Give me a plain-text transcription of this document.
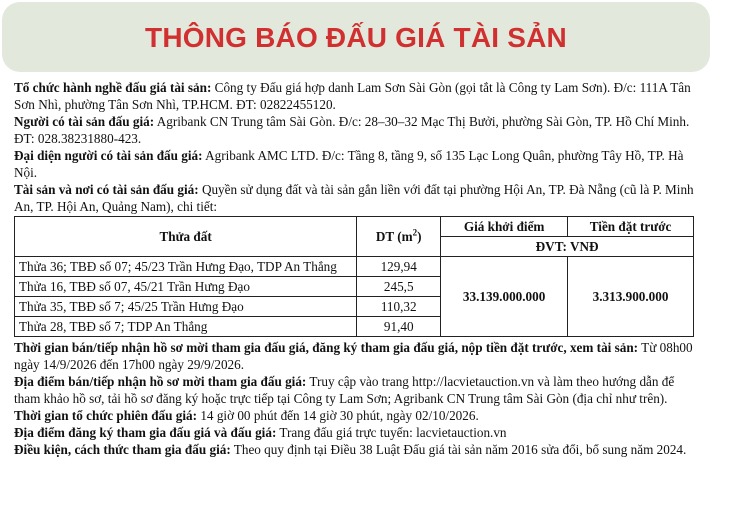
THÔNG BÁO ĐẤU GIÁ TÀI SẢN

Tổ chức hành nghề đấu giá tài sản: Công ty Đấu giá hợp danh Lam Sơn Sài Gòn (gọi tắt là Công ty Lam Sơn). Đ/c: 111A Tân Sơn Nhì, phường Tân Sơn Nhì, TP.HCM. ĐT: 02822455120.

Người có tài sản đấu giá: Agribank CN Trung tâm Sài Gòn. Đ/c: 28–30–32 Mạc Thị Bưởi, phường Sài Gòn, TP. Hồ Chí Minh. ĐT: 028.38231880-423.

Đại diện người có tài sản đấu giá: Agribank AMC LTD. Đ/c: Tầng 8, tầng 9, số 135 Lạc Long Quân, phường Tây Hồ, TP. Hà Nội.

Tài sản và nơi có tài sản đấu giá: Quyền sử dụng đất và tài sản gắn liền với đất tại phường Hội An, TP. Đà Nẵng (cũ là P. Minh An, TP. Hội An, Quảng Nam), chi tiết:

Thửa đất	DT $(m^2)$	Giá khởi điểm	Tiền đặt trước
		ĐVT: VNĐ	
Thửa 36; TBĐ số 07; 45/23 Trần Hưng Đạo, TDP An Thắng	129,94	33.139.000.000	3.313.900.000
Thửa 16, TBĐ số 07, 45/21 Trần Hưng Đạo	245,5		
Thửa 35, TBĐ số 7; 45/25 Trần Hưng Đạo	110,32		
Thửa 28, TBĐ số 7; TDP An Thắng	91,40		

Thời gian bán/tiếp nhận hồ sơ mời tham gia đấu giá, đăng ký tham gia đấu giá, nộp tiền đặt trước, xem tài sản: Từ 08h00 ngày 14/9/2026 đến 17h00 ngày 29/9/2026.

Địa điểm bán/tiếp nhận hồ sơ mời tham gia đấu giá: Truy cập vào trang http://lacvietauction.vn và làm theo hướng dẫn để tham khảo hồ sơ, tải hồ sơ đăng ký hoặc trực tiếp tại Công ty Lam Sơn; Agribank CN Trung tâm Sài Gòn (địa chỉ như trên).

Thời gian tổ chức phiên đấu giá: 14 giờ 00 phút đến 14 giờ 30 phút, ngày 02/10/2026.

Địa điểm đăng ký tham gia đấu giá và đấu giá: Trang đấu giá trực tuyến: lacvietauction.vn

Điều kiện, cách thức tham gia đấu giá: Theo quy định tại Điều 38 Luật Đấu giá tài sản năm 2016 sửa đổi, bổ sung năm 2024.
